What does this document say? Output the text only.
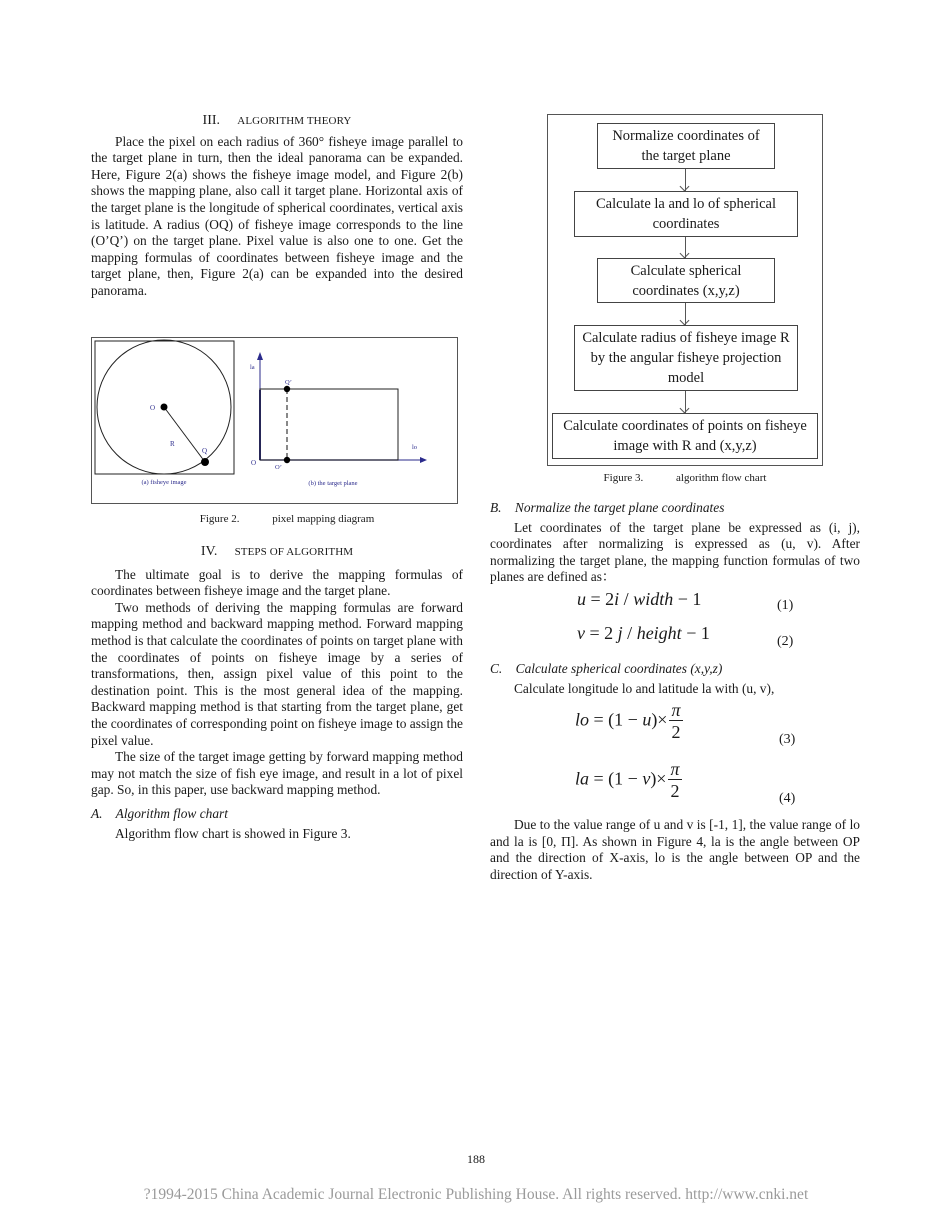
III. ALGORITHM THEORY

Place the pixel on each radius of 360° fisheye image parallel to the target plane in turn, then the ideal panorama can be expanded. Here, Figure 2(a) shows the fisheye image model, and Figure 2(b) shows the mapping plane, also call it target plane. Horizontal axis of the target plane is the longitude of spherical coordinates, vertical axis is latitude. A radius (OQ) of fisheye image corresponds to the line (O’Q’) on the target plane. Pixel value is also one to one. Get the mapping formulas of coordinates between fisheye image and the target plane, then, Figure 2(a) can be expanded into the desired panorama.

O
R
Q
(a) fisheye image
la
lo
O
Q’
O’
(b) the target plane
Figure 2.	pixel mapping diagram

IV. STEPS OF ALGORITHM

The ultimate goal is to derive the mapping formulas of coordinates between fisheye image and the target plane.

Two methods of deriving the mapping formulas are forward mapping method and backward mapping method. Forward mapping method is that calculate the coordinates of points on target plane with the coordinates of points on fisheye image by a series of transformations, then, assign pixel value of this point to the destination point. This is the most general idea of the mapping. Backward mapping method is that starting from the target plane, get the coordinates of corresponding point on fisheye image to assign the pixel value.

The size of the target image getting by forward mapping method may not match the size of fish eye image, and result in a lot of pixel gap. So, in this paper, use backward mapping method.

A. Algorithm flow chart

Algorithm flow chart is showed in Figure 3.

Normalize coordinates of the target plane
Calculate la and lo of spherical coordinates
Calculate spherical coordinates (x,y,z)
Calculate radius of fisheye image R by the angular fisheye projection model
Calculate coordinates of points on fisheye image with R and (x,y,z)
Figure 3.	algorithm flow chart

B. Normalize the target plane coordinates

Let coordinates of the target plane be expressed as (i, j), coordinates after normalizing is expressed as (u, v). After normalizing the target plane, the mapping function formulas of two planes are defined as：

u = 2i / width − 1	(1)
v = 2 j / height − 1	(2)

C. Calculate spherical coordinates (x,y,z)

Calculate longitude lo and latitude la with (u, v),

lo = $(1 - u)\times \frac{\pi}{2}$	(3)
la = $(1 - v)\times \frac{\pi}{2}$	(4)

Due to the value range of u and v is [-1, 1], the value range of lo and la is [0, Π]. As shown in Figure 4, la is the angle between OP and the direction of X-axis, lo is the angle between OP and the direction of Y-axis.

188
?1994-2015 China Academic Journal Electronic Publishing House. All rights reserved. http://www.cnki.net
